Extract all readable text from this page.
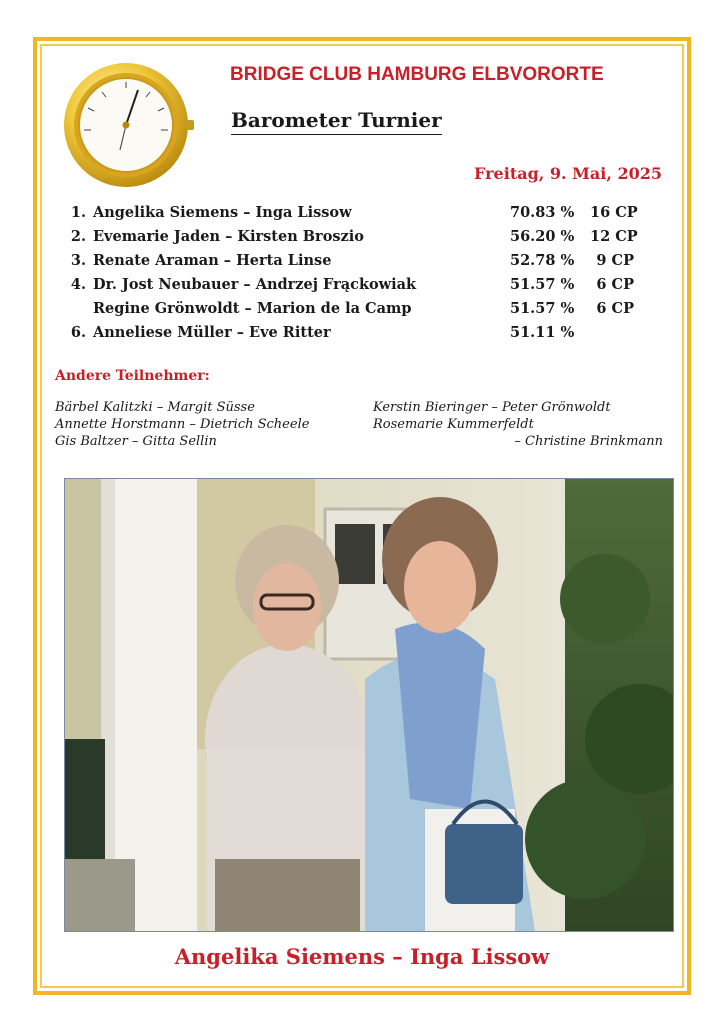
BRIDGE CLUB HAMBURG ELBVORORTE
Barometer Turnier
Freitag, 9. Mai, 2025
1. Angelika Siemens – Inga Lissow	70.83 % 16 CP
2. Evemarie Jaden – Kirsten Broszio	56.20 % 12 CP
3. Renate Araman – Herta Linse	52.78 %	9 CP
4. Dr. Jost Neubauer – Andrzej Frąckowiak	51.57 %	6 CP
Regine Grönwoldt – Marion de la Camp	51.57 %	6 CP
6. Anneliese Müller – Eve Ritter	51.11 %
Andere Teilnehmer:
Bärbel Kalitzki – Margit Süsse
Annette Horstmann – Dietrich Scheele
Gis Baltzer – Gitta Sellin
Kerstin Bieringer – Peter Grönwoldt
Rosemarie Kummerfeldt
– Christine Brinkmann
Angelika Siemens – Inga Lissow
